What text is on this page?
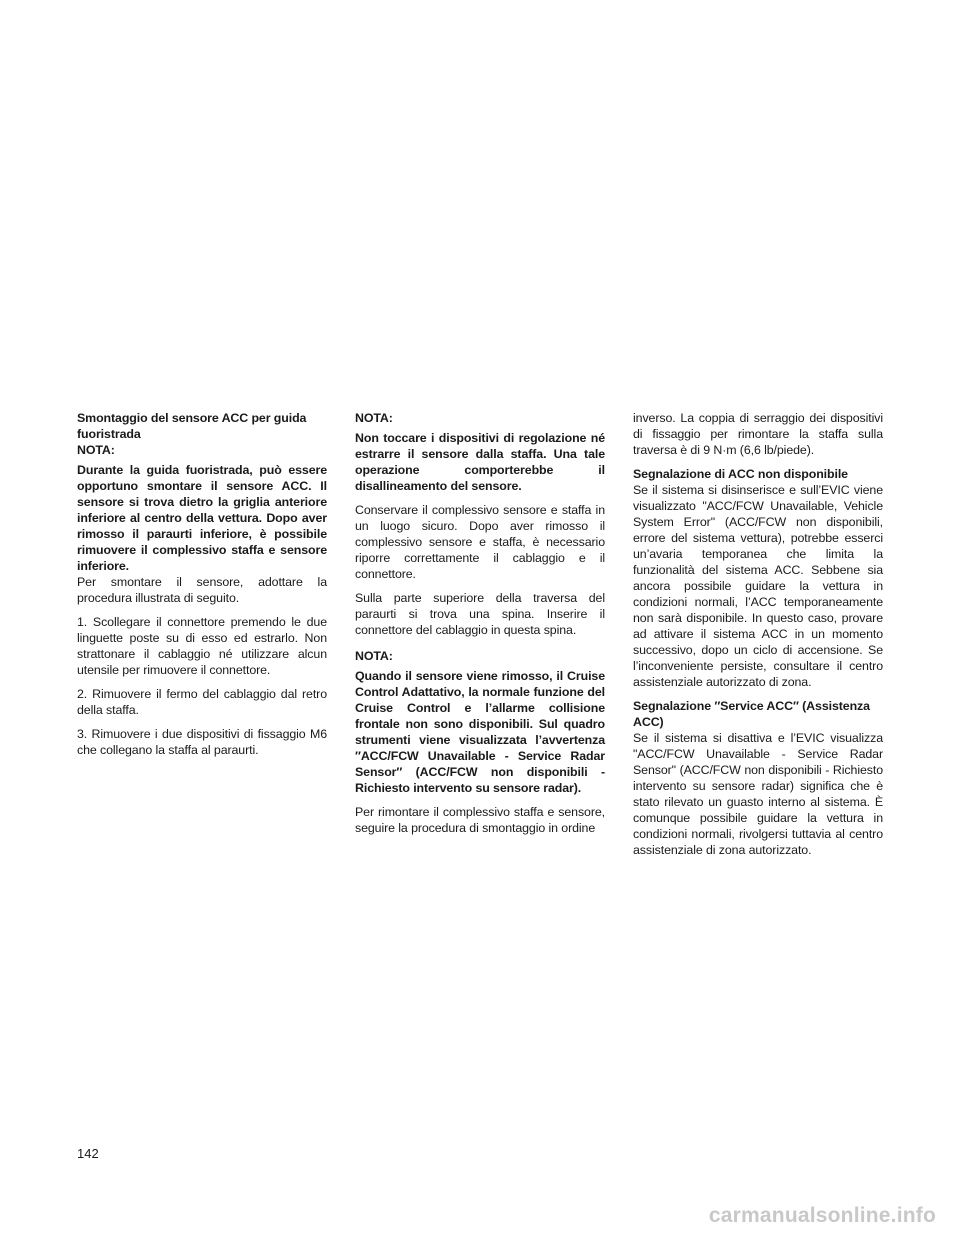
Smontaggio del sensore ACC per guida fuoristrada

NOTA:

Durante la guida fuoristrada, può essere opportuno smontare il sensore ACC. Il sensore si trova dietro la griglia anteriore inferiore al centro della vettura. Dopo aver rimosso il paraurti inferiore, è possibile rimuovere il complessivo staffa e sensore inferiore.

Per smontare il sensore, adottare la procedura illustrata di seguito.

1. Scollegare il connettore premendo le due linguette poste su di esso ed estrarlo. Non strattonare il cablaggio né utilizzare alcun utensile per rimuovere il connettore.

2. Rimuovere il fermo del cablaggio dal retro della staffa.

3. Rimuovere i due dispositivi di fissaggio M6 che collegano la staffa al paraurti.

NOTA:

Non toccare i dispositivi di regolazione né estrarre il sensore dalla staffa. Una tale operazione comporterebbe il disallineamento del sensore.

Conservare il complessivo sensore e staffa in un luogo sicuro. Dopo aver rimosso il complessivo sensore e staffa, è necessario riporre correttamente il cablaggio e il connettore.

Sulla parte superiore della traversa del paraurti si trova una spina. Inserire il connettore del cablaggio in questa spina.

NOTA:

Quando il sensore viene rimosso, il Cruise Control Adattativo, la normale funzione del Cruise Control e l’allarme collisione frontale non sono disponibili. Sul quadro strumenti viene visualizzata l’avvertenza ″ACC/FCW Unavailable - Service Radar Sensor″ (ACC/FCW non disponibili - Richiesto intervento su sensore radar).

Per rimontare il complessivo staffa e sensore, seguire la procedura di smontaggio in ordine

inverso. La coppia di serraggio dei dispositivi di fissaggio per rimontare la staffa sulla traversa è di 9 N·m (6,6 lb/piede).

Segnalazione di ACC non disponibile

Se il sistema si disinserisce e sull’EVIC viene visualizzato "ACC/FCW Unavailable, Vehicle System Error" (ACC/FCW non disponibili, errore del sistema vettura), potrebbe esserci un’avaria temporanea che limita la funzionalità del sistema ACC. Sebbene sia ancora possibile guidare la vettura in condizioni normali, l’ACC temporaneamente non sarà disponibile. In questo caso, provare ad attivare il sistema ACC in un momento successivo, dopo un ciclo di accensione. Se l’inconveniente persiste, consultare il centro assistenziale autorizzato di zona.

Segnalazione ″Service ACC″ (Assistenza ACC)

Se il sistema si disattiva e l’EVIC visualizza "ACC/FCW Unavailable - Service Radar Sensor" (ACC/FCW non disponibili - Richiesto intervento su sensore radar) significa che è stato rilevato un guasto interno al sistema. È comunque possibile guidare la vettura in condizioni normali, rivolgersi tuttavia al centro assistenziale di zona autorizzato.

142
carmanualsonline.info
